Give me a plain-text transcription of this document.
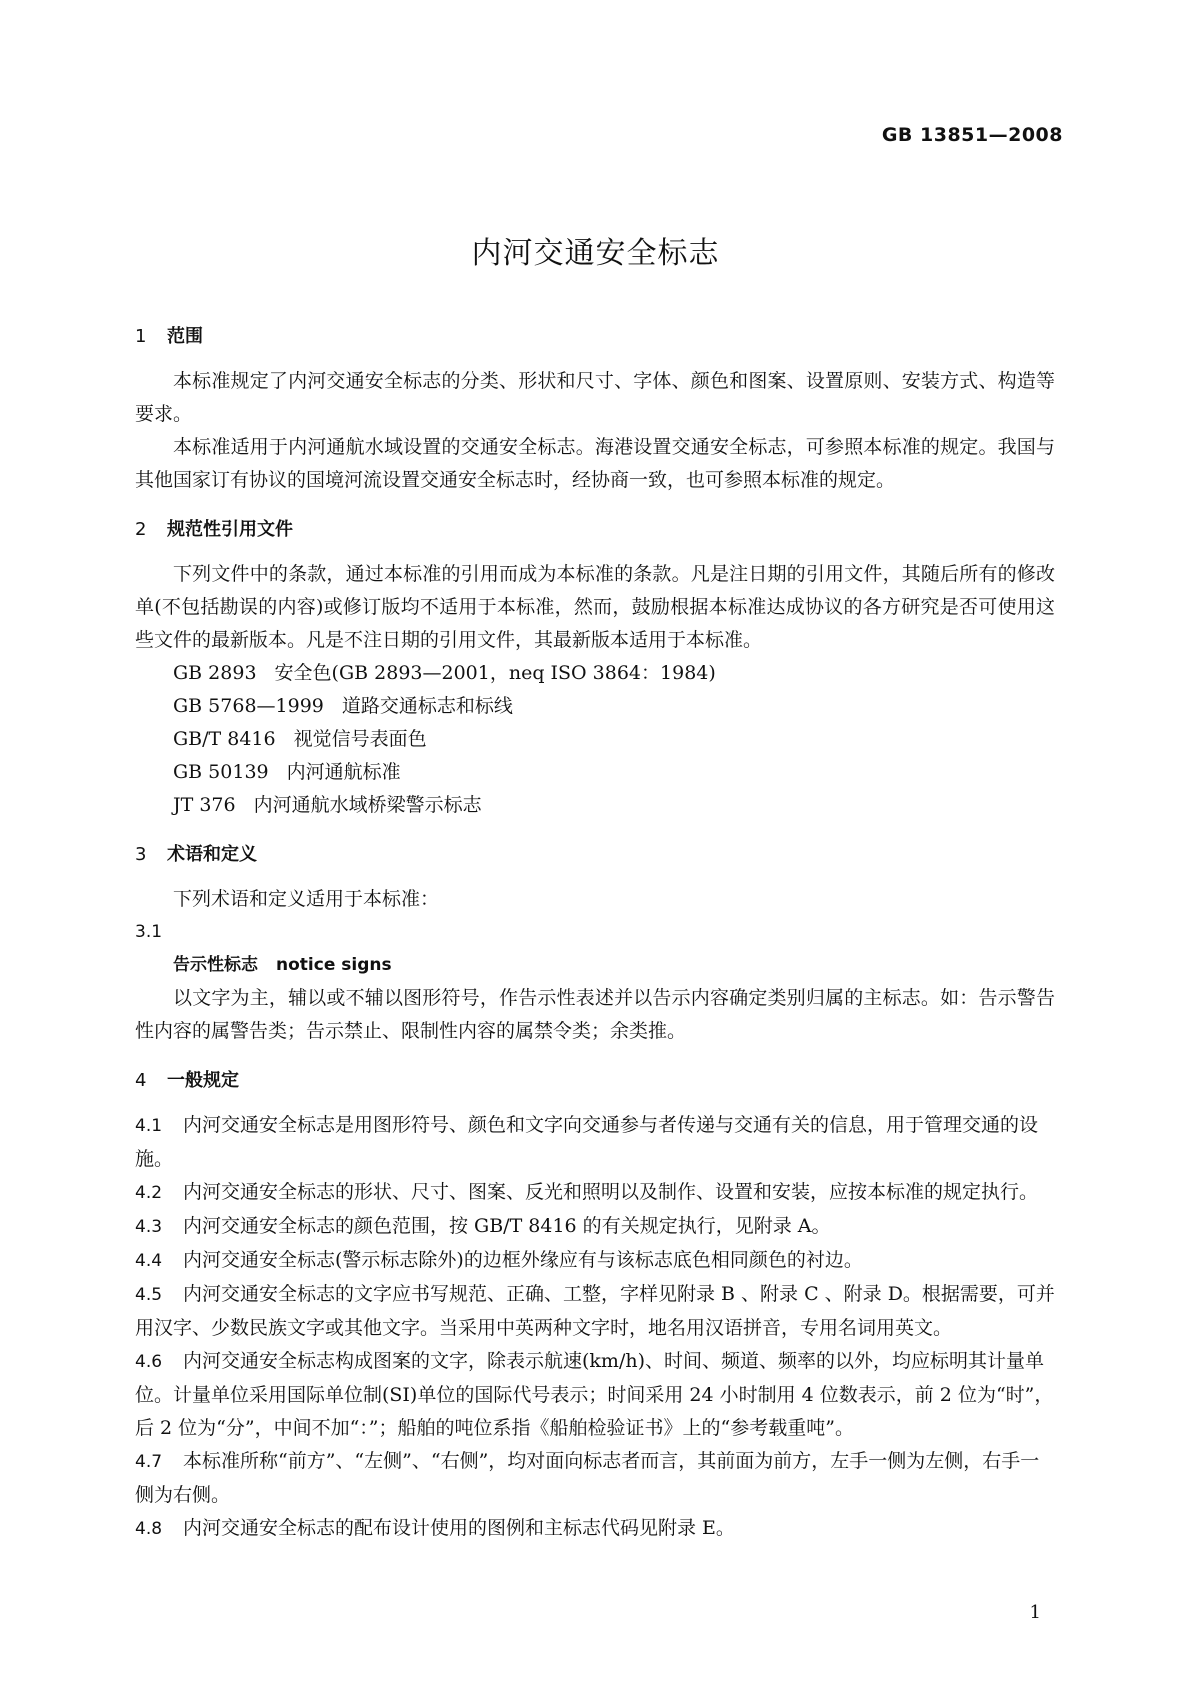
GB 13851—2008
内河交通安全标志
1 范围

本标准规定了内河交通安全标志的分类、形状和尺寸、字体、颜色和图案、设置原则、安装方式、构造等要求。

本标准适用于内河通航水域设置的交通安全标志。海港设置交通安全标志，可参照本标准的规定。我国与其他国家订有协议的国境河流设置交通安全标志时，经协商一致，也可参照本标准的规定。

2 规范性引用文件

下列文件中的条款，通过本标准的引用而成为本标准的条款。凡是注日期的引用文件，其随后所有的修改单(不包括勘误的内容)或修订版均不适用于本标准，然而，鼓励根据本标准达成协议的各方研究是否可使用这些文件的最新版本。凡是不注日期的引用文件，其最新版本适用于本标准。

GB 2893 安全色(GB 2893—2001，neq ISO 3864：1984)

GB 5768—1999 道路交通标志和标线

GB/T 8416 视觉信号表面色

GB 50139 内河通航标准

JT 376 内河通航水域桥梁警示标志

3 术语和定义

下列术语和定义适用于本标准：

3.1

告示性标志 notice signs

以文字为主，辅以或不辅以图形符号，作告示性表述并以告示内容确定类别归属的主标志。如：告示警告性内容的属警告类；告示禁止、限制性内容的属禁令类；余类推。

4 一般规定

4.1 内河交通安全标志是用图形符号、颜色和文字向交通参与者传递与交通有关的信息，用于管理交通的设施。

4.2 内河交通安全标志的形状、尺寸、图案、反光和照明以及制作、设置和安装，应按本标准的规定执行。

4.3 内河交通安全标志的颜色范围，按 GB/T 8416 的有关规定执行，见附录 A。

4.4 内河交通安全标志(警示标志除外)的边框外缘应有与该标志底色相同颜色的衬边。

4.5 内河交通安全标志的文字应书写规范、正确、工整，字样见附录 B 、附录 C 、附录 D。根据需要，可并用汉字、少数民族文字或其他文字。当采用中英两种文字时，地名用汉语拼音，专用名词用英文。

4.6 内河交通安全标志构成图案的文字，除表示航速(km/h)、时间、频道、频率的以外，均应标明其计量单位。计量单位采用国际单位制(SI)单位的国际代号表示；时间采用 24 小时制用 4 位数表示，前 2 位为“时”，后 2 位为“分”，中间不加“：”；船舶的吨位系指《船舶检验证书》上的“参考载重吨”。

4.7 本标准所称“前方”、“左侧”、“右侧”，均对面向标志者而言，其前面为前方，左手一侧为左侧，右手一侧为右侧。

4.8 内河交通安全标志的配布设计使用的图例和主标志代码见附录 E。

1
